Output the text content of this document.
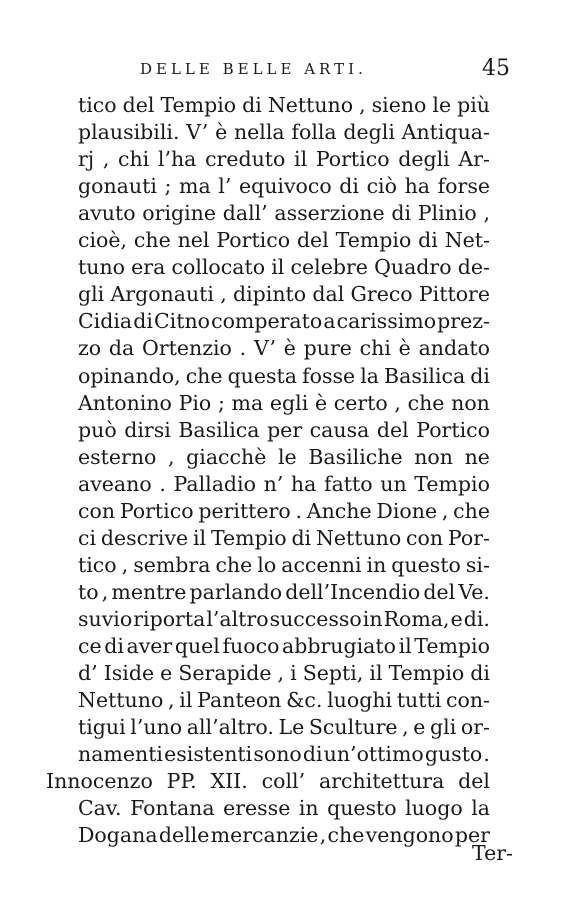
DELLE BELLE ARTI.	45
tico del Tempio di Nettuno , sieno le più
plausibili. V’ è nella folla degli Antiqua-
rj , chi l’ha creduto il Portico degli Ar-
gonauti ; ma l’ equivoco di ciò ha forse
avuto origine dall’ asserzione di Plinio ,
cioè, che nel Portico del Tempio di Net-
tuno era collocato il celebre Quadro de-
gli Argonauti , dipinto dal Greco Pittore
Cidia di Citno comperato a carissimo prez-
zo da Ortenzio . V’ è pure chi è andato
opinando, che questa fosse la Basilica di
Antonino Pio ; ma egli è certo , che non
può dirsi Basilica per causa del Portico
esterno , giacchè le Basiliche non ne
aveano . Palladio n’ ha fatto un Tempio
con Portico perittero . Anche Dione , che
ci descrive il Tempio di Nettuno con Por-
tico , sembra che lo accenni in questo si-
to , mentre parlando dell’Incendio del Ve.
suvio riporta l’altro successo in Roma, e di.
ce di aver quel fuoco abbrugiato il Tempio
d’ Iside e Serapide , i Septi, il Tempio di
Nettuno , il Panteon &c. luoghi tutti con-
tigui l’uno all’altro. Le Sculture , e gli or-
namenti esistenti sono di un’ottimo gusto .
Innocenzo PP. XII. coll’ architettura del
Cav. Fontana eresse in questo luogo la
Dogana delle mercanzie , che vengono per
Ter-
